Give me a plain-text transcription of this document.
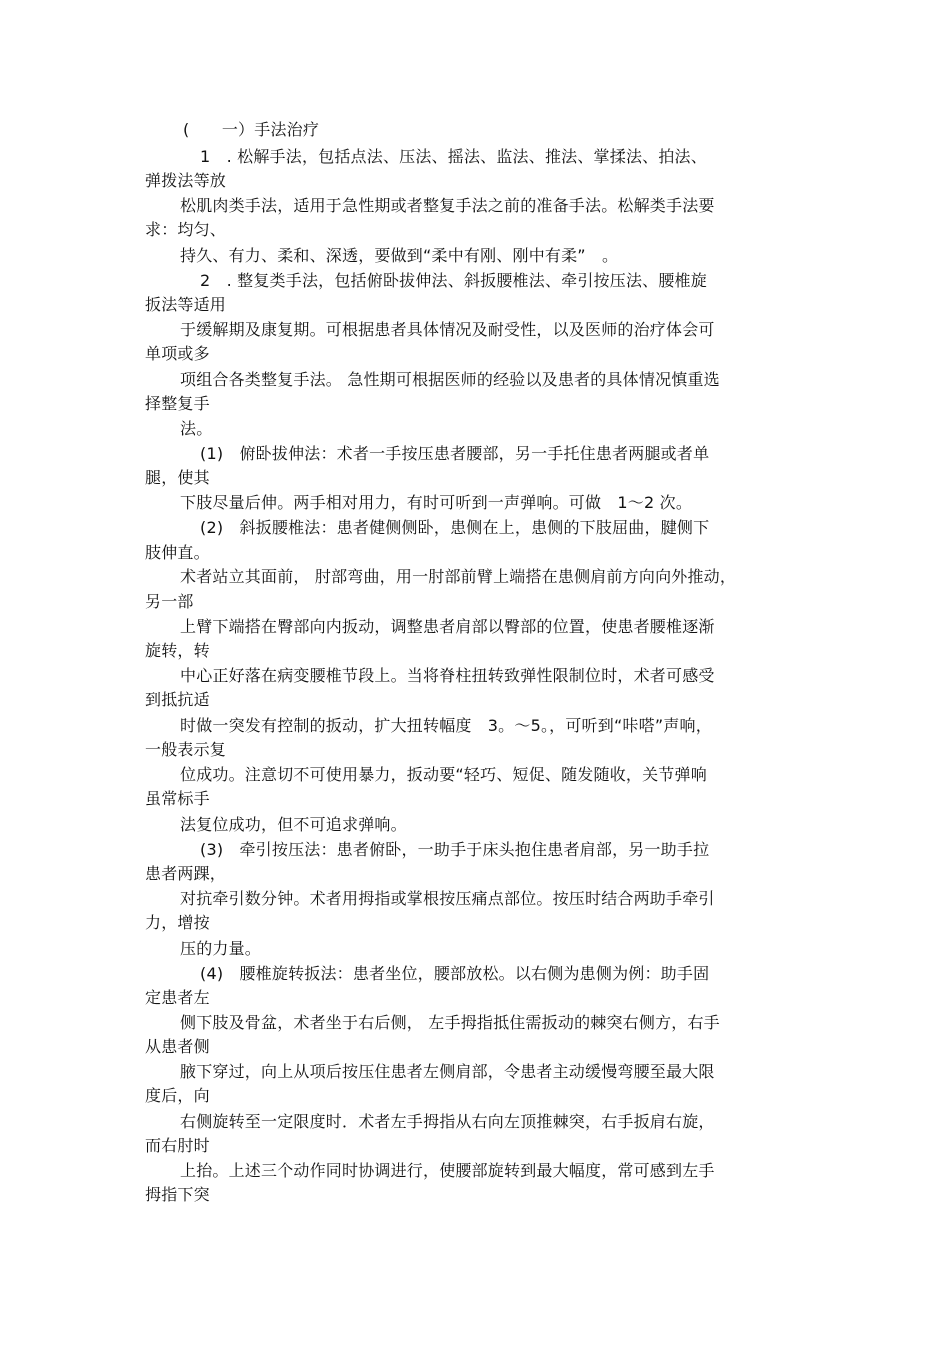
(　　一）手法治疗
1　. 松解手法，包括点法、压法、摇法、监法、推法、掌揉法、拍法、
弹拨法等放
松肌肉类手法，适用于急性期或者整复手法之前的准备手法。松解类手法要
求：均匀、
持久、有力、柔和、深透，要做到“柔中有刚、刚中有柔”　。
2　. 整复类手法，包括俯卧拔伸法、斜扳腰椎法、牵引按压法、腰椎旋
扳法等适用
于缓解期及康复期。可根据患者具体情况及耐受性，以及医师的治疗体会可
单项或多
项组合各类整复手法。 急性期可根据医师的经验以及患者的具体情况慎重选
择整复手
法。
(1)　俯卧拔伸法：术者一手按压患者腰部，另一手托住患者两腿或者单
腿，使其
下肢尽量后伸。两手相对用力，有时可听到一声弹响。可做　1～2 次。
(2)　斜扳腰椎法：患者健侧侧卧，患侧在上，患侧的下肢屈曲，腱侧下
肢伸直。
术者站立其面前， 肘部弯曲，用一肘部前臂上端搭在患侧肩前方向向外推动，
另一部
上臂下端搭在臀部向内扳动，调整患者肩部以臀部的位置，使患者腰椎逐渐
旋转，转
中心正好落在病变腰椎节段上。当将脊柱扭转致弹性限制位时，术者可感受
到抵抗适
时做一突发有控制的扳动，扩大扭转幅度　3。～5。，可听到“咔嗒”声响，
一般表示复
位成功。注意切不可使用暴力，扳动要“轻巧、短促、随发随收，关节弹响
虽常标手
法复位成功，但不可追求弹响。
(3)　牵引按压法：患者俯卧，一助手于床头抱住患者肩部，另一助手拉
患者两踝，
对抗牵引数分钟。术者用拇指或掌根按压痛点部位。按压时结合两助手牵引
力，增按
压的力量。
(4)　腰椎旋转扳法：患者坐位，腰部放松。以右侧为患侧为例：助手固
定患者左
侧下肢及骨盆，术者坐于右后侧， 左手拇指抵住需扳动的棘突右侧方，右手
从患者侧
腋下穿过，向上从项后按压住患者左侧肩部，令患者主动缓慢弯腰至最大限
度后，向
右侧旋转至一定限度时．术者左手拇指从右向左顶推棘突，右手扳肩右旋，
而右肘时
上抬。上述三个动作同时协调进行，使腰部旋转到最大幅度，常可感到左手
拇指下突
